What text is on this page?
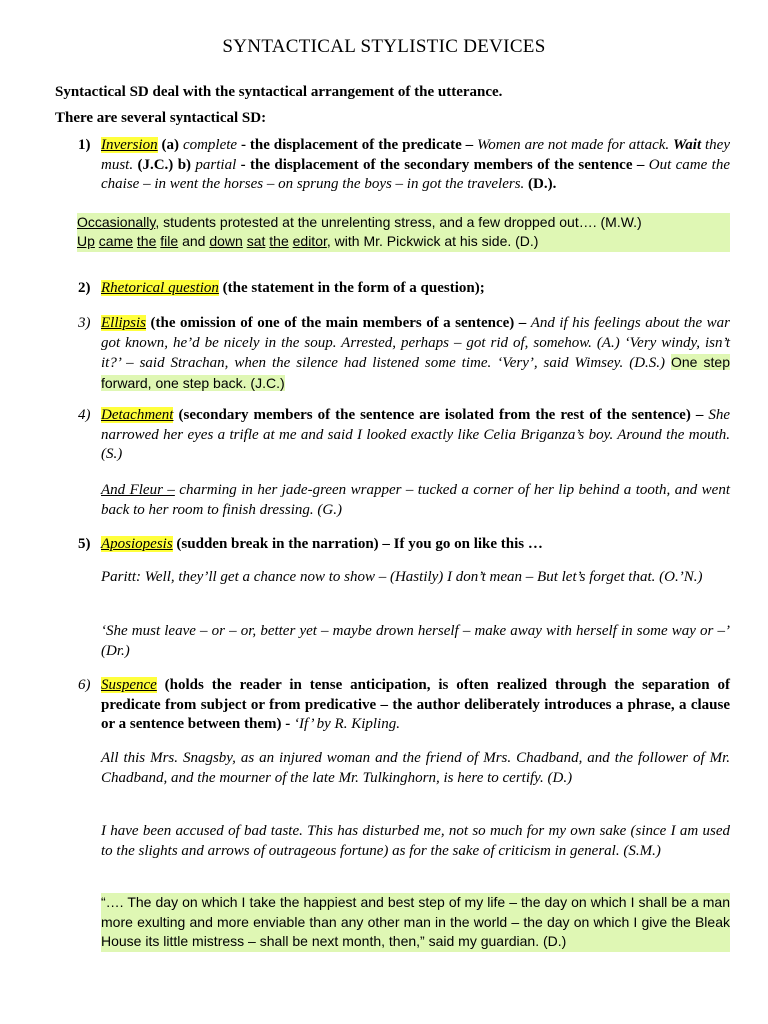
SYNTACTICAL STYLISTIC DEVICES
Syntactical SD deal with the syntactical arrangement of the utterance.
There are several syntactical SD:
1) Inversion (a) complete - the displacement of the predicate – Women are not made for attack. Wait they must. (J.C.) b) partial - the displacement of the secondary members of the sentence – Out came the chaise – in went the horses – on sprung the boys – in got the travelers. (D.).
Occasionally, students protested at the unrelenting stress, and a few dropped out…. (M.W.)
Up came the file and down sat the editor, with Mr. Pickwick at his side. (D.)
2) Rhetorical question (the statement in the form of a question);
3) Ellipsis (the omission of one of the main members of a sentence) – And if his feelings about the war got known, he’d be nicely in the soup. Arrested, perhaps – got rid of, somehow. (A.) ‘Very windy, isn’t it?’ – said Strachan, when the silence had listened some time. ‘Very’, said Wimsey. (D.S.) One step forward, one step back. (J.C.)
4) Detachment (secondary members of the sentence are isolated from the rest of the sentence) – She narrowed her eyes a trifle at me and said I looked exactly like Celia Briganza’s boy. Around the mouth. (S.)
And Fleur – charming in her jade-green wrapper – tucked a corner of her lip behind a tooth, and went back to her room to finish dressing. (G.)
5) Aposiopesis (sudden break in the narration) – If you go on like this …
Paritt: Well, they’ll get a chance now to show – (Hastily) I don’t mean – But let’s forget that. (O.’N.)
‘She must leave – or – or, better yet – maybe drown herself – make away with herself in some way or –’ (Dr.)
6) Suspence (holds the reader in tense anticipation, is often realized through the separation of predicate from subject or from predicative – the author deliberately introduces a phrase, a clause or a sentence between them) - ‘If’ by R. Kipling.
All this Mrs. Snagsby, as an injured woman and the friend of Mrs. Chadband, and the follower of Mr. Chadband, and the mourner of the late Mr. Tulkinghorn, is here to certify. (D.)
I have been accused of bad taste. This has disturbed me, not so much for my own sake (since I am used to the slights and arrows of outrageous fortune) as for the sake of criticism in general. (S.M.)
“…. The day on which I take the happiest and best step of my life – the day on which I shall be a man more exulting and more enviable than any other man in the world – the day on which I give the Bleak House its little mistress – shall be next month, then,” said my guardian. (D.)
